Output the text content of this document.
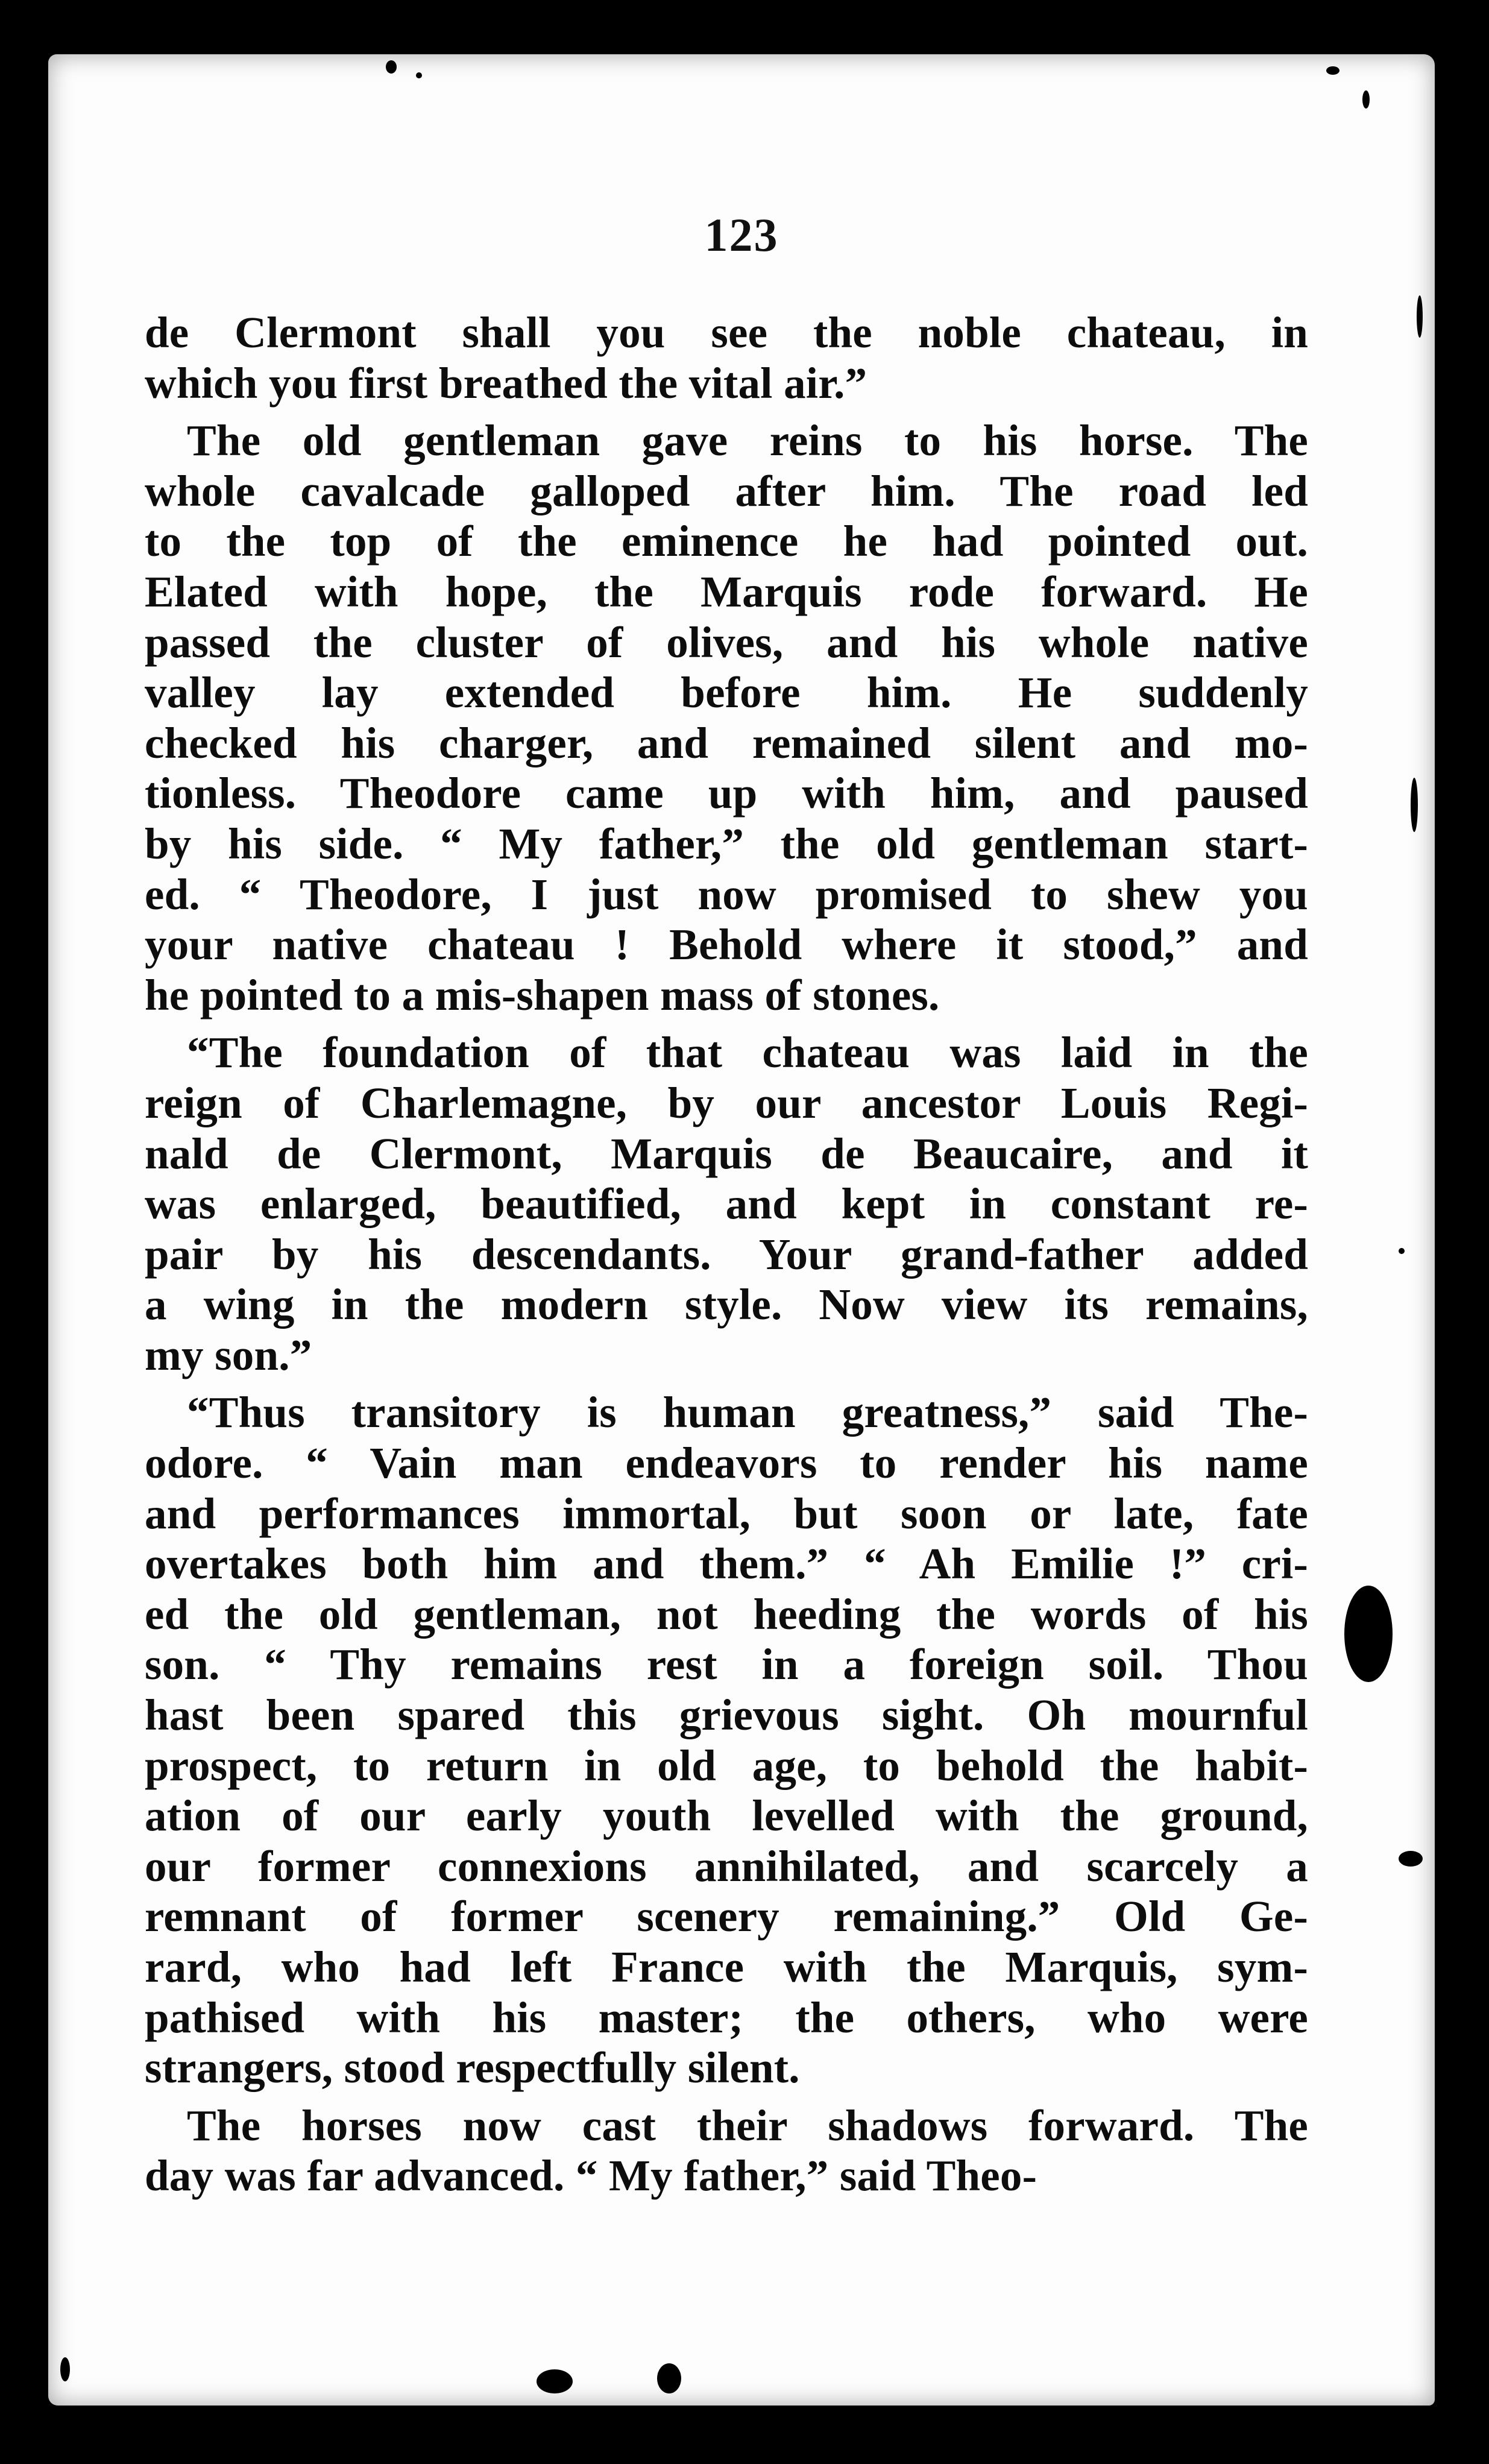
123
de Clermont shall you see the noble chateau, in
which you first breathed the vital air.”
The old gentleman gave reins to his horse. The
whole cavalcade galloped after him. The road led
to the top of the eminence he had pointed out.
Elated with hope, the Marquis rode forward. He
passed the cluster of olives, and his whole native
valley lay extended before him. He suddenly
checked his charger, and remained silent and mo-
tionless. Theodore came up with him, and paused
by his side. “ My father,” the old gentleman start-
ed. “ Theodore, I just now promised to shew you
your native chateau ! Behold where it stood,” and
he pointed to a mis-shapen mass of stones.
“The foundation of that chateau was laid in the
reign of Charlemagne, by our ancestor Louis Regi-
nald de Clermont, Marquis de Beaucaire, and it
was enlarged, beautified, and kept in constant re-
pair by his descendants. Your grand-father added
a wing in the modern style. Now view its remains,
my son.”
“Thus transitory is human greatness,” said The-
odore. “ Vain man endeavors to render his name
and performances immortal, but soon or late, fate
overtakes both him and them.” “ Ah Emilie !” cri-
ed the old gentleman, not heeding the words of his
son. “ Thy remains rest in a foreign soil. Thou
hast been spared this grievous sight. Oh mournful
prospect, to return in old age, to behold the habit-
ation of our early youth levelled with the ground,
our former connexions annihilated, and scarcely a
remnant of former scenery remaining.” Old Ge-
rard, who had left France with the Marquis, sym-
pathised with his master; the others, who were
strangers, stood respectfully silent.
The horses now cast their shadows forward. The
day was far advanced. “ My father,” said Theo-
